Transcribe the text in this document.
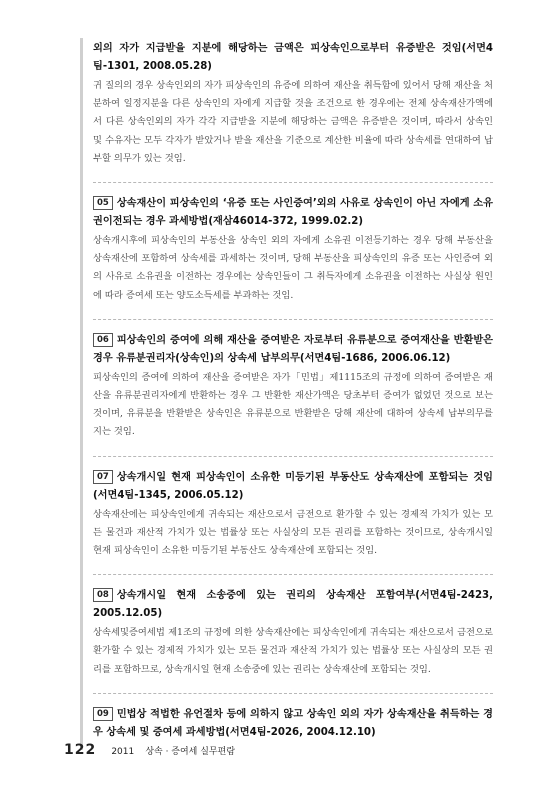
외의 자가 지급받을 지분에 해당하는 금액은 피상속인으로부터 유증받은 것임(서면4팀-1301, 2008.05.28)

귀 질의의 경우 상속인외의 자가 피상속인의 유증에 의하여 재산을 취득함에 있어서 당해 재산을 처분하여 일정지분을 다른 상속인의 자에게 지급할 것을 조건으로 한 경우에는 전체 상속재산가액에서 다른 상속인외의 자가 각각 지급받을 지분에 해당하는 금액은 유증받은 것이며, 따라서 상속인 및 수유자는 모두 각자가 받았거나 받을 재산을 기준으로 계산한 비율에 따라 상속세를 연대하여 납부할 의무가 있는 것임.

05 상속재산이 피상속인의 ‘유증 또는 사인증여’외의 사유로 상속인이 아닌 자에게 소유권이전되는 경우 과세방법(재삼46014-372, 1999.02.2)

상속개시후에 피상속인의 부동산을 상속인 외의 자에게 소유권 이전등기하는 경우 당해 부동산을 상속재산에 포함하여 상속세를 과세하는 것이며, 당해 부동산을 피상속인의 유증 또는 사인증여 외의 사유로 소유권을 이전하는 경우에는 상속인들이 그 취득자에게 소유권을 이전하는 사실상 원인에 따라 증여세 또는 양도소득세를 부과하는 것임.

06 피상속인의 증여에 의해 재산을 증여받은 자로부터 유류분으로 증여재산을 반환받은 경우 유류분권리자(상속인)의 상속세 납부의무(서면4팀-1686, 2006.06.12)

피상속인의 증여에 의하여 재산을 증여받은 자가「민법」제1115조의 규정에 의하여 증여받은 재산을 유류분권리자에게 반환하는 경우 그 반환한 재산가액은 당초부터 증여가 없었던 것으로 보는 것이며, 유류분을 반환받은 상속인은 유류분으로 반환받은 당해 재산에 대하여 상속세 납부의무를 지는 것임.

07 상속개시일 현재 피상속인이 소유한 미등기된 부동산도 상속재산에 포함되는 것임(서면4팀-1345, 2006.05.12)

상속재산에는 피상속인에게 귀속되는 재산으로서 금전으로 환가할 수 있는 경제적 가치가 있는 모든 물건과 재산적 가치가 있는 법률상 또는 사실상의 모든 권리를 포함하는 것이므로, 상속개시일 현재 피상속인이 소유한 미등기된 부동산도 상속재산에 포함되는 것임.

08 상속개시일 현재 소송중에 있는 권리의 상속재산 포함여부(서면4팀-2423, 2005.12.05)

상속세및증여세법 제1조의 규정에 의한 상속재산에는 피상속인에게 귀속되는 재산으로서 금전으로 환가할 수 있는 경제적 가치가 있는 모든 물건과 재산적 가치가 있는 법률상 또는 사실상의 모든 권리를 포함하므로, 상속개시일 현재 소송중에 있는 권리는 상속재산에 포함되는 것임.

09 민법상 적법한 유언절차 등에 의하지 않고 상속인 외의 자가 상속재산을 취득하는 경우 상속세 및 증여세 과세방법(서면4팀-2026, 2004.12.10)

122 2011 상속 · 증여세 실무편람
